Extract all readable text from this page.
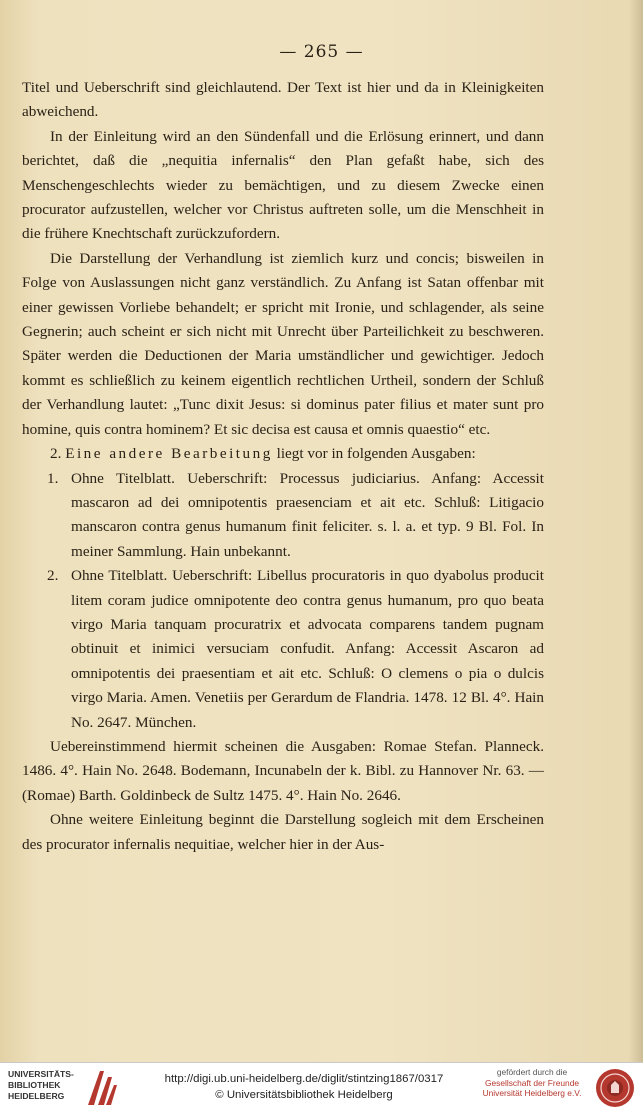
— 265 —

Titel und Ueberschrift sind gleichlautend. Der Text ist hier und da in Kleinigkeiten abweichend.

In der Einleitung wird an den Sündenfall und die Erlösung erinnert, und dann berichtet, daß die „nequitia infernalis“ den Plan gefaßt habe, sich des Menschengeschlechts wieder zu bemächtigen, und zu diesem Zwecke einen procurator aufzustellen, welcher vor Christus auftreten solle, um die Menschheit in die frühere Knechtschaft zurückzufordern.

Die Darstellung der Verhandlung ist ziemlich kurz und concis; bisweilen in Folge von Auslassungen nicht ganz verständlich. Zu Anfang ist Satan offenbar mit einer gewissen Vorliebe behandelt; er spricht mit Ironie, und schlagender, als seine Gegnerin; auch scheint er sich nicht mit Unrecht über Parteilichkeit zu beschweren. Später werden die Deductionen der Maria umständlicher und gewichtiger. Jedoch kommt es schließlich zu keinem eigentlich rechtlichen Urtheil, sondern der Schluß der Verhandlung lautet: „Tunc dixit Jesus: si dominus pater filius et mater sunt pro homine, quis contra hominem? Et sic decisa est causa et omnis quaestio“ etc.

2. Eine andere Bearbeitung liegt vor in folgenden Ausgaben:

1. Ohne Titelblatt. Ueberschrift: Processus judiciarius. Anfang: Accessit mascaron ad dei omnipotentis praesenciam et ait etc. Schluß: Litigacio manscaron contra genus humanum finit feliciter. s. l. a. et typ. 9 Bl. Fol. In meiner Sammlung. Hain unbekannt.

2. Ohne Titelblatt. Ueberschrift: Libellus procuratoris in quo dyabolus producit litem coram judice omnipotente deo contra genus humanum, pro quo beata virgo Maria tanquam procuratrix et advocata comparens tandem pugnam obtinuit et inimici versuciam confudit. Anfang: Accessit Ascaron ad omnipotentis dei praesentiam et ait etc. Schluß: O clemens o pia o dulcis virgo Maria. Amen. Venetiis per Gerardum de Flandria. 1478. 12 Bl. 4°. Hain No. 2647. München.

Uebereinstimmend hiermit scheinen die Ausgaben: Romae Stefan. Planneck. 1486. 4°. Hain No. 2648. Bodemann, Incunabeln der k. Bibl. zu Hannover Nr. 63. — (Romae) Barth. Goldinbeck de Sultz 1475. 4°. Hain No. 2646.

Ohne weitere Einleitung beginnt die Darstellung sogleich mit dem Erscheinen des procurator infernalis nequitiae, welcher hier in der Aus-

UNIVERSITÄTS-
BIBLIOTHEK
HEIDELBERG
http://digi.ub.uni-heidelberg.de/diglit/stintzing1867/0317
© Universitätsbibliothek Heidelberg
gefördert durch die
Gesellschaft der Freunde
Universität Heidelberg e.V.
